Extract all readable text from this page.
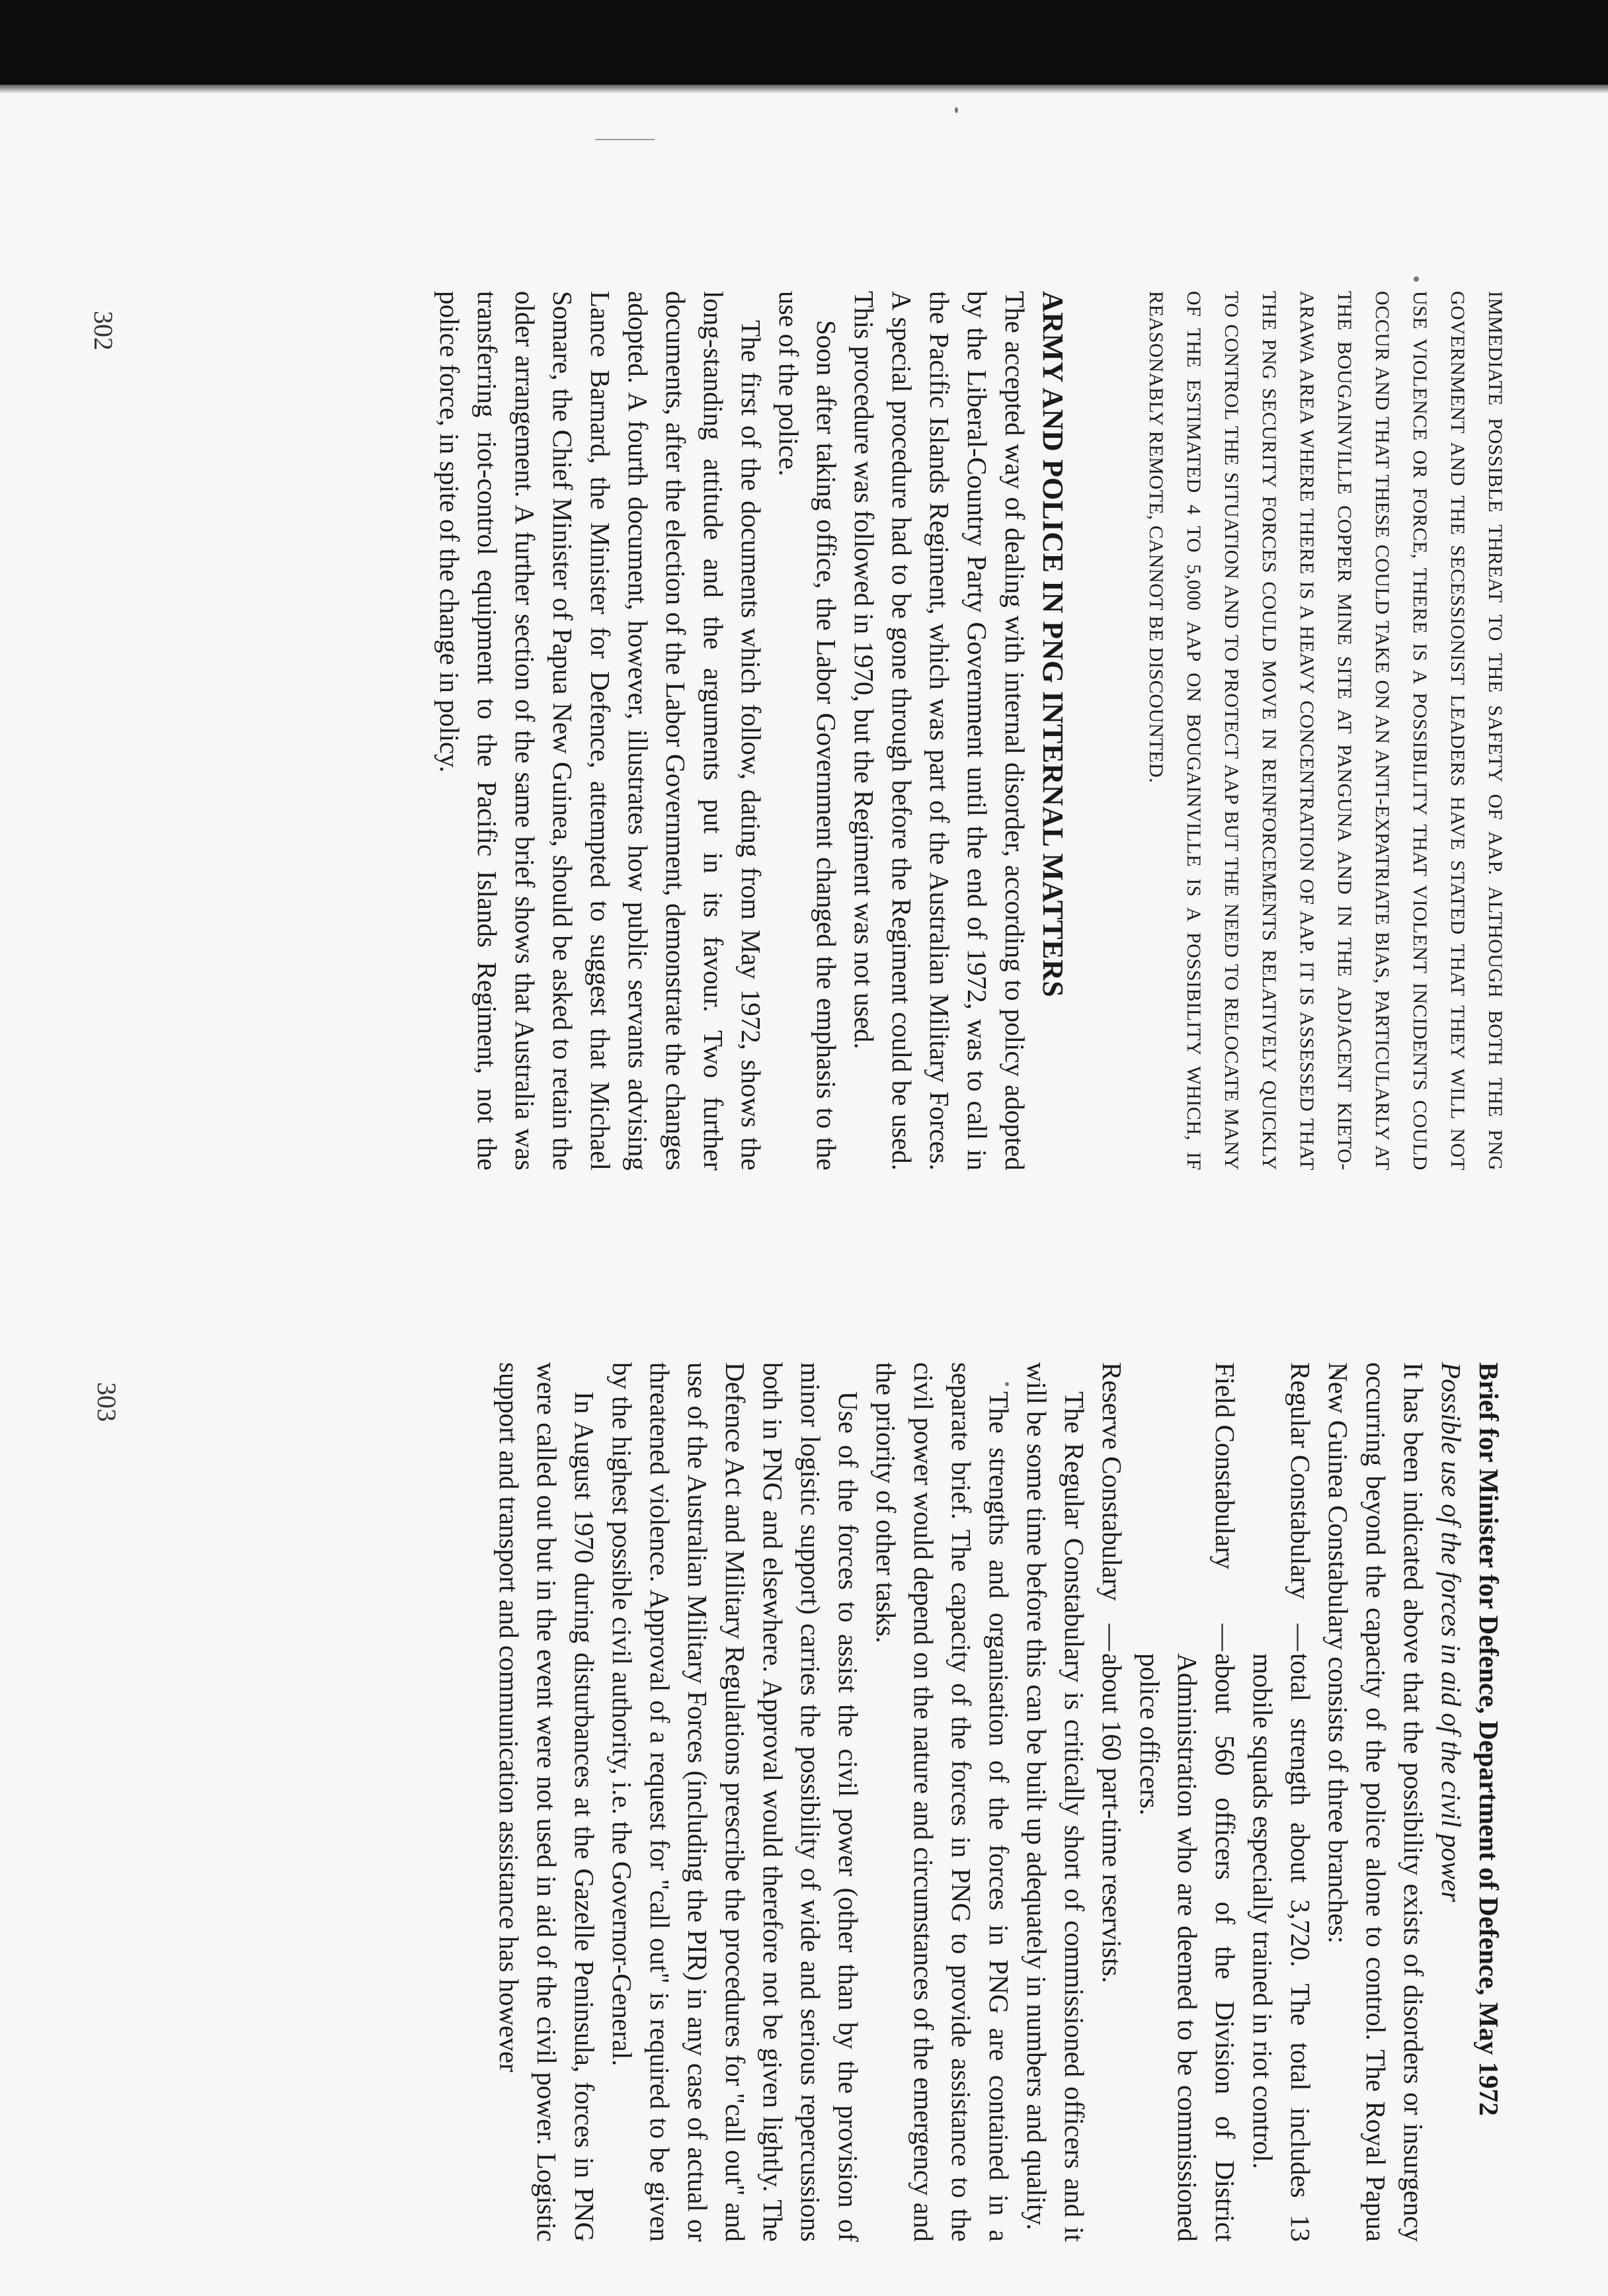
IMMEDIATE POSSIBLE THREAT TO THE SAFETY OF AAP. ALTHOUGH BOTH THE PNG GOVERNMENT AND THE SECESSIONIST LEADERS HAVE STATED THAT THEY WILL NOT USE VIOLENCE OR FORCE, THERE IS A POSSIBILITY THAT VIOLENT INCIDENTS COULD OCCUR AND THAT THESE COULD TAKE ON AN ANTI-EXPATRIATE BIAS, PARTICULARLY AT THE BOUGAINVILLE COPPER MINE SITE AT PANGUNA AND IN THE ADJACENT KIETO-ARAWA AREA WHERE THERE IS A HEAVY CONCENTRATION OF AAP. IT IS ASSESSED THAT THE PNG SECURITY FORCES COULD MOVE IN REINFORCEMENTS RELATIVELY QUICKLY TO CONTROL THE SITUATION AND TO PROTECT AAP BUT THE NEED TO RELOCATE MANY OF THE ESTIMATED 4 TO 5,000 AAP ON BOUGAINVILLE IS A POSSIBILITY WHICH, IF REASONABLY REMOTE, CANNOT BE DISCOUNTED.

ARMY AND POLICE IN PNG INTERNAL MATTERS

The accepted way of dealing with internal disorder, according to policy adopted by the Liberal-Country Party Government until the end of 1972, was to call in the Pacific Islands Regiment, which was part of the Australian Military Forces. A special procedure had to be gone through before the Regiment could be used. This procedure was followed in 1970, but the Regiment was not used.

Soon after taking office, the Labor Government changed the emphasis to the use of the police.

The first of the documents which follow, dating from May 1972, shows the long-standing attitude and the arguments put in its favour. Two further documents, after the election of the Labor Government, demonstrate the changes adopted. A fourth document, however, illustrates how public servants advising Lance Barnard, the Minister for Defence, attempted to suggest that Michael Somare, the Chief Minister of Papua New Guinea, should be asked to retain the older arrangement. A further section of the same brief shows that Australia was transferring riot-control equipment to the Pacific Islands Regiment, not the police force, in spite of the change in policy.

302

Brief for Minister for Defence, Department of Defence, May 1972

Possible use of the forces in aid of the civil power

It has been indicated above that the possibility exists of disorders or insurgency occurring beyond the capacity of the police alone to control. The Royal Papua New Guinea Constabulary consists of three branches:

Regular Constabulary
—
total strength about 3,720. The total includes 13 mobile squads especially trained in riot control.
Field Constabulary
—
about 560 officers of the Division of District Administration who are deemed to be commissioned police officers.
Reserve Constabulary
—
about 160 part-time reservists.

The Regular Constabulary is critically short of commissioned officers and it will be some time before this can be built up adequately in numbers and quality.

The strengths and organisation of the forces in PNG are contained in a separate brief. The capacity of the forces in PNG to provide assistance to the civil power would depend on the nature and circumstances of the emergency and the priority of other tasks.

Use of the forces to assist the civil power (other than by the provision of minor logistic support) carries the possibility of wide and serious repercussions both in PNG and elsewhere. Approval would therefore not be given lightly. The Defence Act and Military Regulations prescribe the procedures for "call out" and use of the Australian Military Forces (including the PIR) in any case of actual or threatened violence. Approval of a request for "call out" is required to be given by the highest possible civil authority, i.e. the Governor-General.

In August 1970 during disturbances at the Gazelle Peninsula, forces in PNG were called out but in the event were not used in aid of the civil power. Logistic support and transport and communication assistance has however

303
